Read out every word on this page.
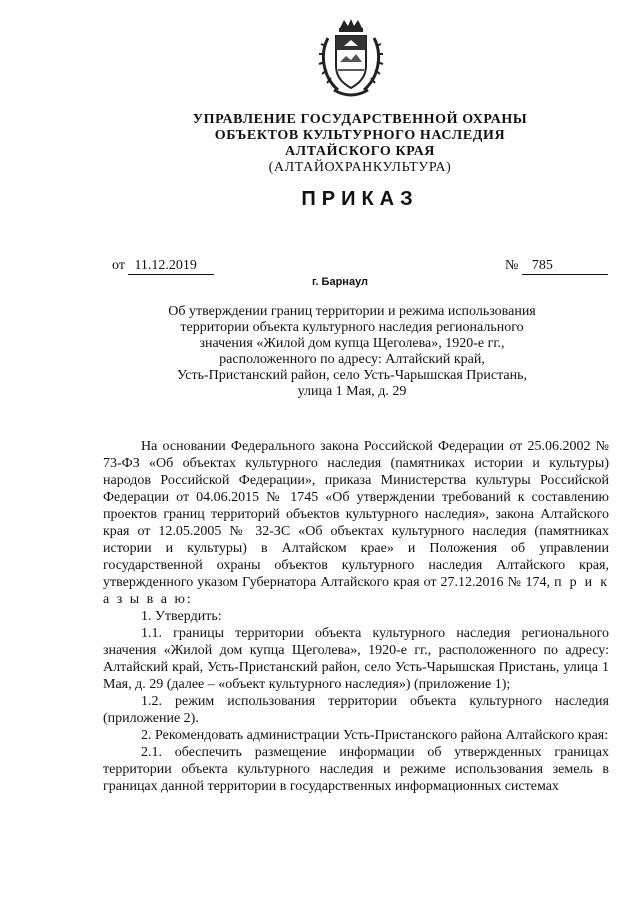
УПРАВЛЕНИЕ ГОСУДАРСТВЕННОЙ ОХРАНЫ
ОБЪЕКТОВ КУЛЬТУРНОГО НАСЛЕДИЯ
АЛТАЙСКОГО КРАЯ
(АЛТАЙОХРАНКУЛЬТУРА)
ПРИКАЗ
от 11.12.2019	№ 785
г. Барнаул
Об утверждении границ территории и режима использования
территории объекта культурного наследия регионального
значения «Жилой дом купца Щеголева», 1920-е гг.,
расположенного по адресу: Алтайский край,
Усть-Пристанский район, село Усть-Чарышская Пристань,
улица 1 Мая, д. 29

На основании Федерального закона Российской Федерации от 25.06.2002 № 73-ФЗ «Об объектах культурного наследия (памятниках истории и культуры) народов Российской Федерации», приказа Министерства культуры Российской Федерации от 04.06.2015 № 1745 «Об утверждении требований к составлению проектов границ территорий объектов культурного наследия», закона Алтайского края от 12.05.2005 № 32-ЗС «Об объектах культурного наследия (памятниках истории и культуры) в Алтайском крае» и Положения об управлении государственной охраны объектов культурного наследия Алтайского края, утвержденного указом Губернатора Алтайского края от 27.12.2016 № 174, п р и к а з ы в а ю:

1. Утвердить:

1.1. границы территории объекта культурного наследия регионального значения «Жилой дом купца Щеголева», 1920-е гг., расположенного по адресу: Алтайский край, Усть-Пристанский район, село Усть-Чарышская Пристань, улица 1 Мая, д. 29 (далее – «объект культурного наследия») (приложение 1);

1.2. режим использования территории объекта культурного наследия (приложение 2).

2. Рекомендовать администрации Усть-Пристанского района Алтайского края:

2.1. обеспечить размещение информации об утвержденных границах территории объекта культурного наследия и режиме использования земель в границах данной территории в государственных информационных системах
